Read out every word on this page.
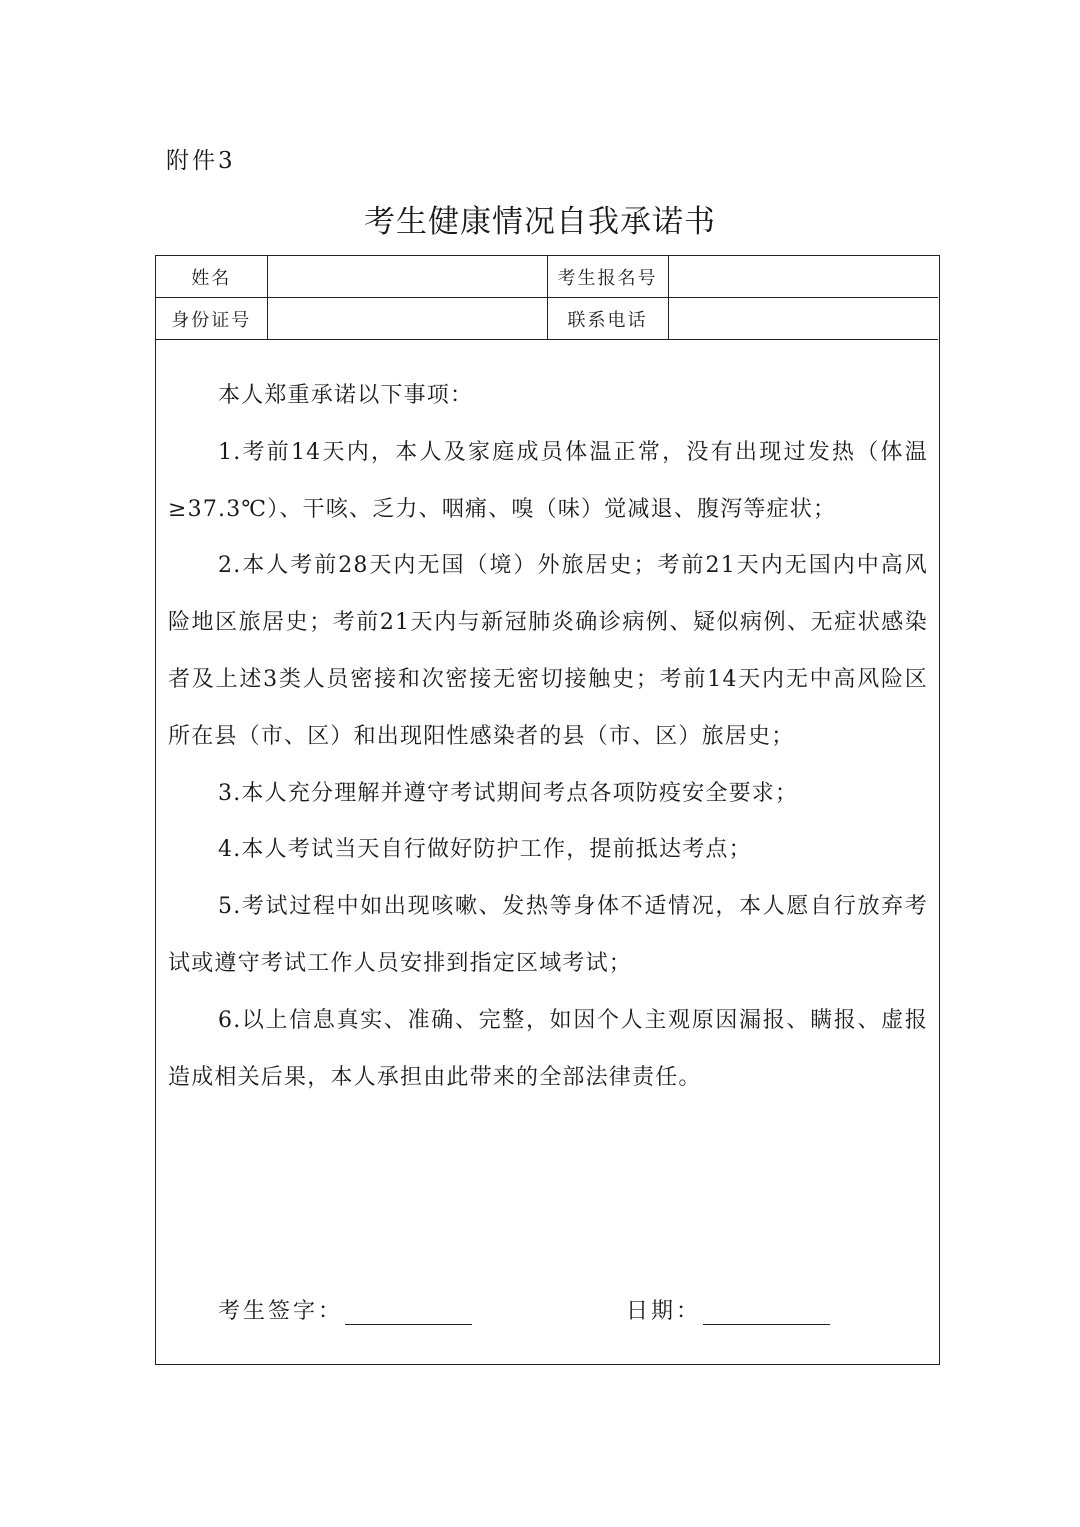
附件3
考生健康情况自我承诺书
姓名		考生报名号	
身份证号		联系电话	

本人郑重承诺以下事项：

1.考前14天内，本人及家庭成员体温正常，没有出现过发热（体温≥37.3℃）、干咳、乏力、咽痛、嗅（味）觉减退、腹泻等症状；

2.本人考前28天内无国（境）外旅居史；考前21天内无国内中高风险地区旅居史；考前21天内与新冠肺炎确诊病例、疑似病例、无症状感染者及上述3类人员密接和次密接无密切接触史；考前14天内无中高风险区所在县（市、区）和出现阳性感染者的县（市、区）旅居史；

3.本人充分理解并遵守考试期间考点各项防疫安全要求；

4.本人考试当天自行做好防护工作，提前抵达考点；

5.考试过程中如出现咳嗽、发热等身体不适情况，本人愿自行放弃考试或遵守考试工作人员安排到指定区域考试；

6.以上信息真实、准确、完整，如因个人主观原因漏报、瞒报、虚报造成相关后果，本人承担由此带来的全部法律责任。

考生签字：	日期：
